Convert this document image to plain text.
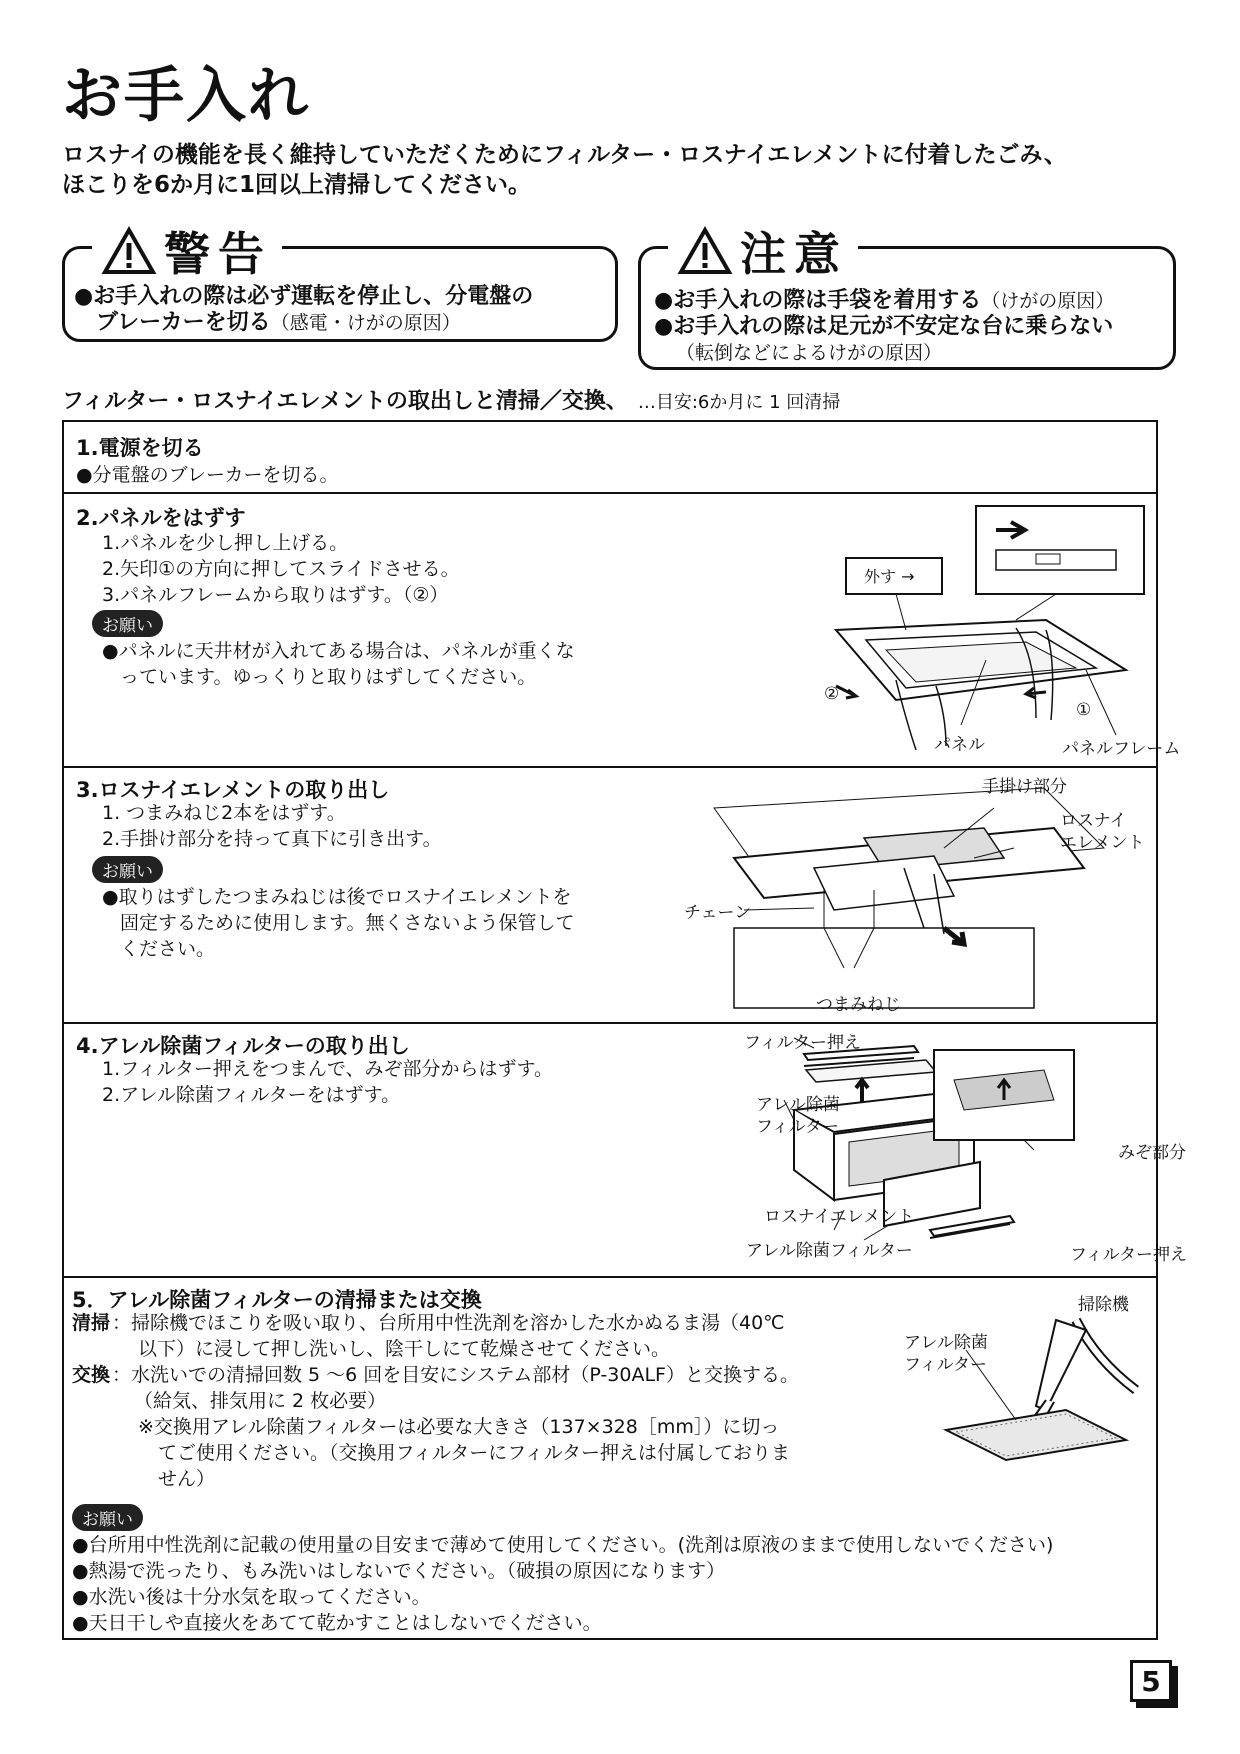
お手入れ
ロスナイの機能を長く維持していただくためにフィルター・ロスナイエレメントに付着したごみ、
ほこりを6か月に1回以上清掃してください。
警告
●お手入れの際は必ず運転を停止し、分電盤の
ブレーカーを切る（感電・けがの原因）
注意
●お手入れの際は手袋を着用する（けがの原因）
●お手入れの際は足元が不安定な台に乗らない
（転倒などによるけがの原因）
フィルター・ロスナイエレメントの取出しと清掃／交換、 …目安:6か月に 1 回清掃
1.電源を切る
●分電盤のブレーカーを切る。
2.パネルをはずす
1.パネルを少し押し上げる。
2.矢印①の方向に押してスライドさせる。
3.パネルフレームから取りはずす。（②）
お願い
●パネルに天井材が入れてある場合は、パネルが重くな
っています。ゆっくりと取りはずしてください。
外す →
②
①
パネル	パネルフレーム
3.ロスナイエレメントの取り出し
1. つまみねじ2本をはずす。
2.手掛け部分を持って真下に引き出す。
お願い
●取りはずしたつまみねじは後でロスナイエレメントを
固定するために使用します。無くさないよう保管して
ください。
手掛け部分
ロスナイ
エレメント
チェーン
つまみねじ
4.アレル除菌フィルターの取り出し
1.フィルター押えをつまんで、みぞ部分からはずす。
2.アレル除菌フィルターをはずす。
フィルター押え
アレル除菌
フィルター
みぞ部分
ロスナイエレメント
アレル除菌フィルター	フィルター押え
5．アレル除菌フィルターの清掃または交換
清掃 ：掃除機でほこりを吸い取り、台所用中性洗剤を溶かした水かぬるま湯（40℃
以下）に浸して押し洗いし、陰干しにて乾燥させてください。
交換 ：水洗いでの清掃回数 5 ～6 回を目安にシステム部材（P-30ALF）と交換する。
（給気、排気用に 2 枚必要）
※交換用アレル除菌フィルターは必要な大きさ（137×328［mm］）に切っ
てご使用ください。（交換用フィルターにフィルター押えは付属しておりま
せん）
掃除機
アレル除菌
フィルター
お願い
●台所用中性洗剤に記載の使用量の目安まで薄めて使用してください。(洗剤は原液のままで使用しないでください)
●熱湯で洗ったり、もみ洗いはしないでください。（破損の原因になります）
●水洗い後は十分水気を取ってください。
●天日干しや直接火をあてて乾かすことはしないでください。
5
